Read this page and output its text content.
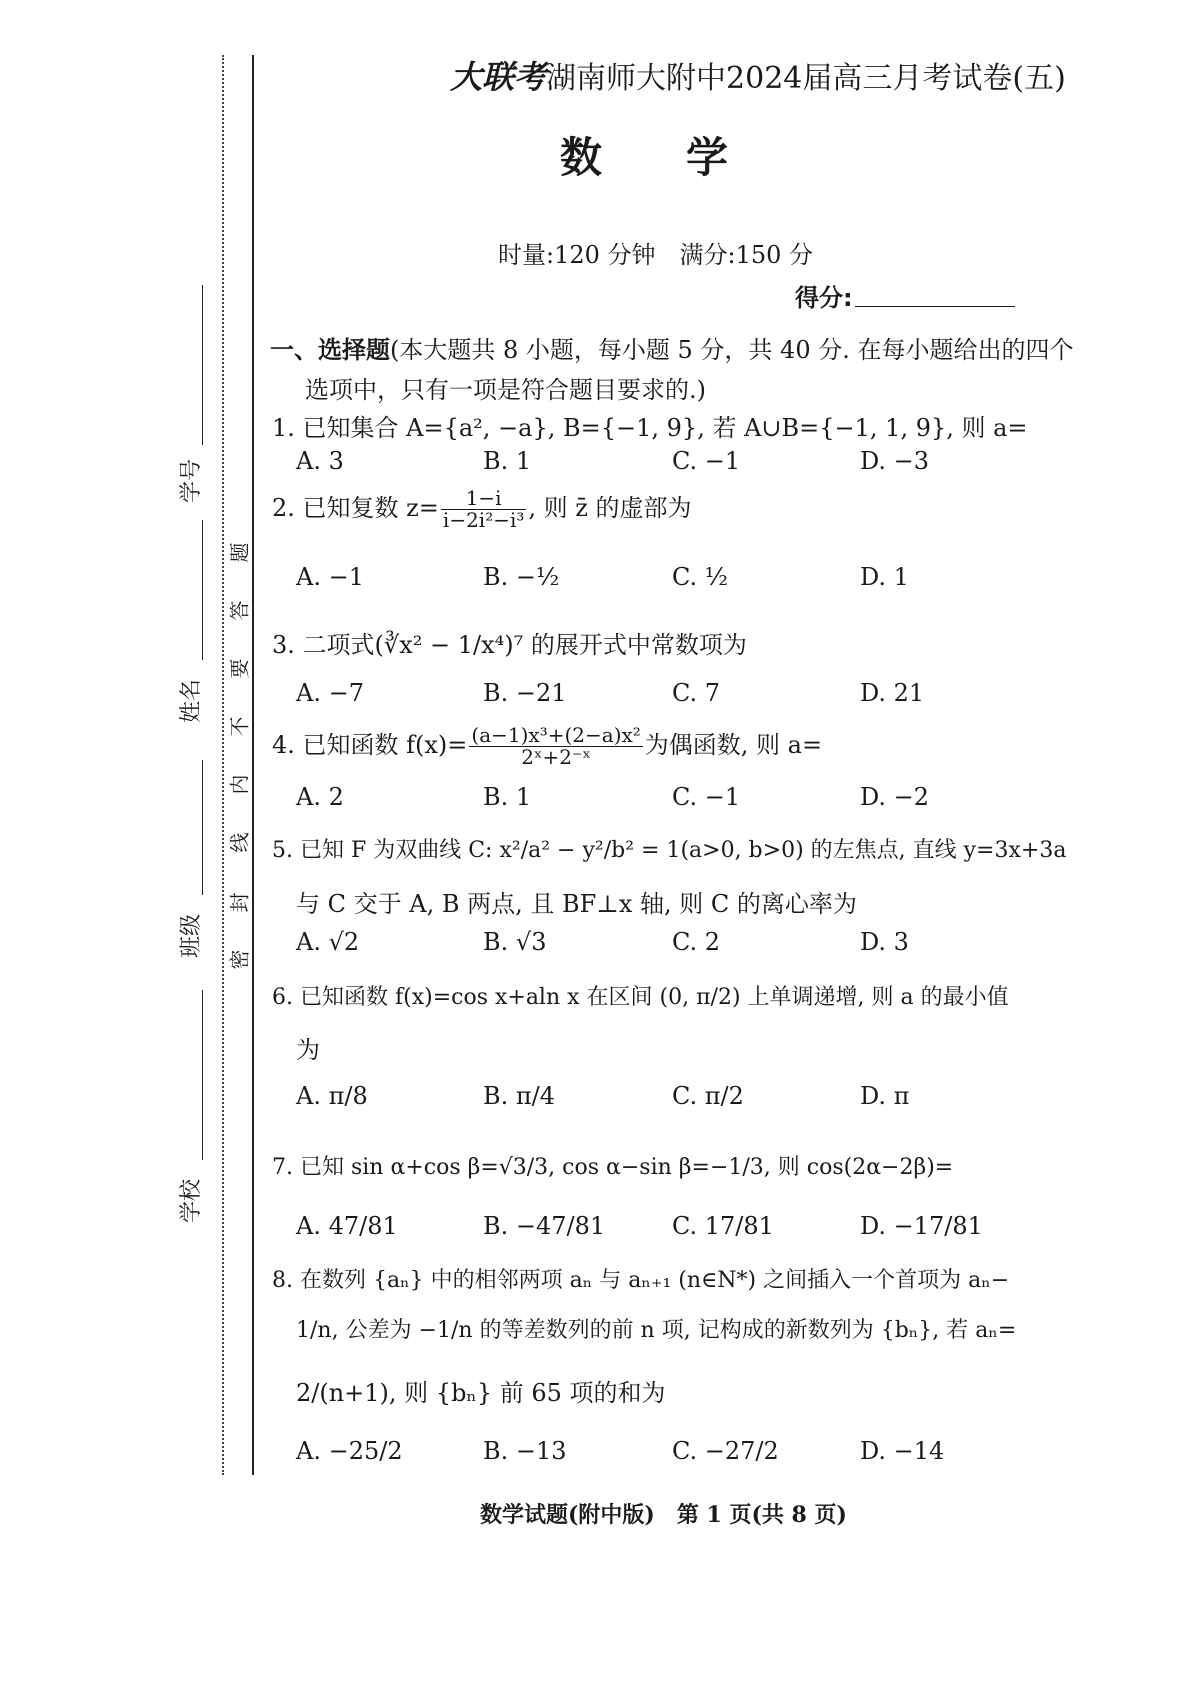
学号
姓名
班级
学校
密
封
线
内
不
要
答
题
大联考湖南师大附中2024届高三月考试卷(五)
数　　学
时量:120 分钟　满分:150 分
得分:
一、选择题(本大题共 8 小题，每小题 5 分，共 40 分. 在每小题给出的四个
选项中，只有一项是符合题目要求的.)
1. 已知集合 A={a², −a}, B={−1, 9}, 若 A∪B={−1, 1, 9}, 则 a=
A. 3	B. 1	C. −1	D. −3
2. 已知复数 $z= \frac{1-i}{\text{i−2i²−i³}}$ , 则 z̄ 的虚部为
A. −1	B. −½	C. ½	D. 1
3. 二项式(∛x² − 1/x⁴)⁷ 的展开式中常数项为
A. −7	B. −21	C. 7	D. 21
4. 已知函数 $f(x)= \frac{\text{(a−1)x³+(2−a)x²}}{\text{2ˣ+2⁻ˣ}}$ 为偶函数, 则 a=
A. 2	B. 1	C. −1	D. −2
5. 已知 F 为双曲线 C: x²/a² − y²/b² = 1(a>0, b>0) 的左焦点, 直线 y=3x+3a
与 C 交于 A, B 两点, 且 BF⊥x 轴, 则 C 的离心率为
A. √2	B. √3	C. 2	D. 3
6. 已知函数 f(x)=cos x+aln x 在区间 (0, π/2) 上单调递增, 则 a 的最小值
为
A. π/8	B. π/4	C. π/2	D. π
7. 已知 sin α+cos β=√3/3, cos α−sin β=−1/3, 则 cos(2α−2β)=
A. 47/81	B. −47/81	C. 17/81	D. −17/81
8. 在数列 {aₙ} 中的相邻两项 aₙ 与 aₙ₊₁ (n∈N*) 之间插入一个首项为 aₙ−
1/n, 公差为 −1/n 的等差数列的前 n 项, 记构成的新数列为 {bₙ}, 若 aₙ=
2/(n+1), 则 {bₙ} 前 65 项的和为
A. −25/2	B. −13	C. −27/2	D. −14
数学试题(附中版)　第 1 页(共 8 页)
